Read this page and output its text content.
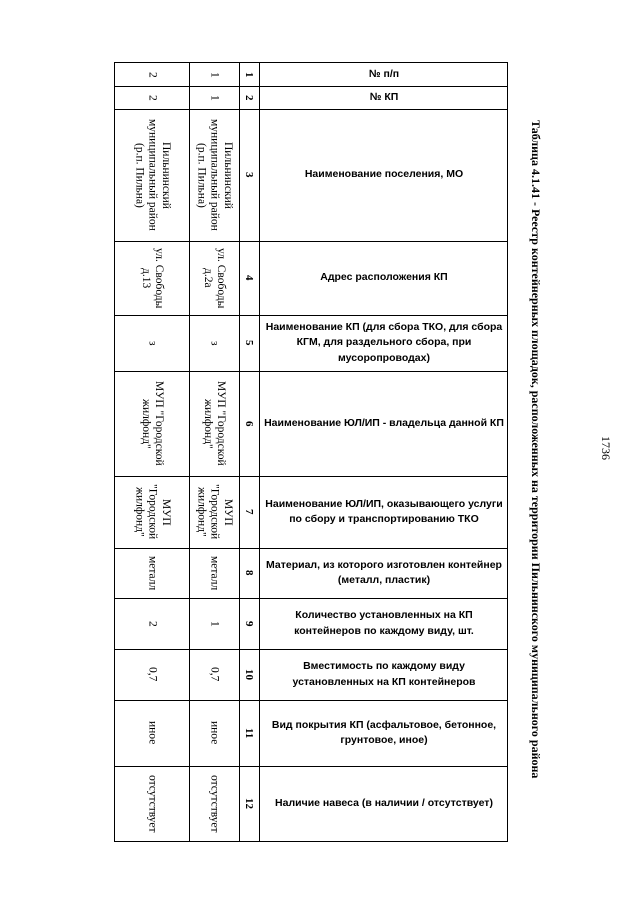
1736
Таблица 4.1.41 - Реестр контейнерных площадок, расположенных на территории Пильнинского муниципального района
№ п/п
1
1
2
№ КП
2
1
2
Наименование поселения, МО
3
Пильнинский
муниципальный район
(р.п. Пильна)
Пильнинский
муниципальный район
(р.п. Пильна)
Адрес расположения КП
4
ул. Свободы
д.2а
ул. Свободы
д.13
Наименование КП (для сбора ТКО, для сбора КГМ, для раздельного сбора, при мусоропроводах)
5
з
з
Наименование ЮЛ/ИП - владельца данной КП
6
МУП "Городской
жилфонд"
МУП "Городской
жилфонд"
Наименование ЮЛ/ИП, оказывающего услуги по сбору и транспортированию ТКО
7
МУП
"Городской
жилфонд"
МУП
"Городской
жилфонд"
Материал, из которого изготовлен контейнер (металл, пластик)
8
металл
металл
Количество установленных на КП контейнеров по каждому виду, шт.
9
1
2
Вместимость по каждому виду установленных на КП контейнеров
10
0,7
0,7
Вид покрытия КП (асфальтовое, бетонное, грунтовое, иное)
11
иное
иное
Наличие навеса (в наличии / отсутствует)
12
отсутствует
отсутствует
